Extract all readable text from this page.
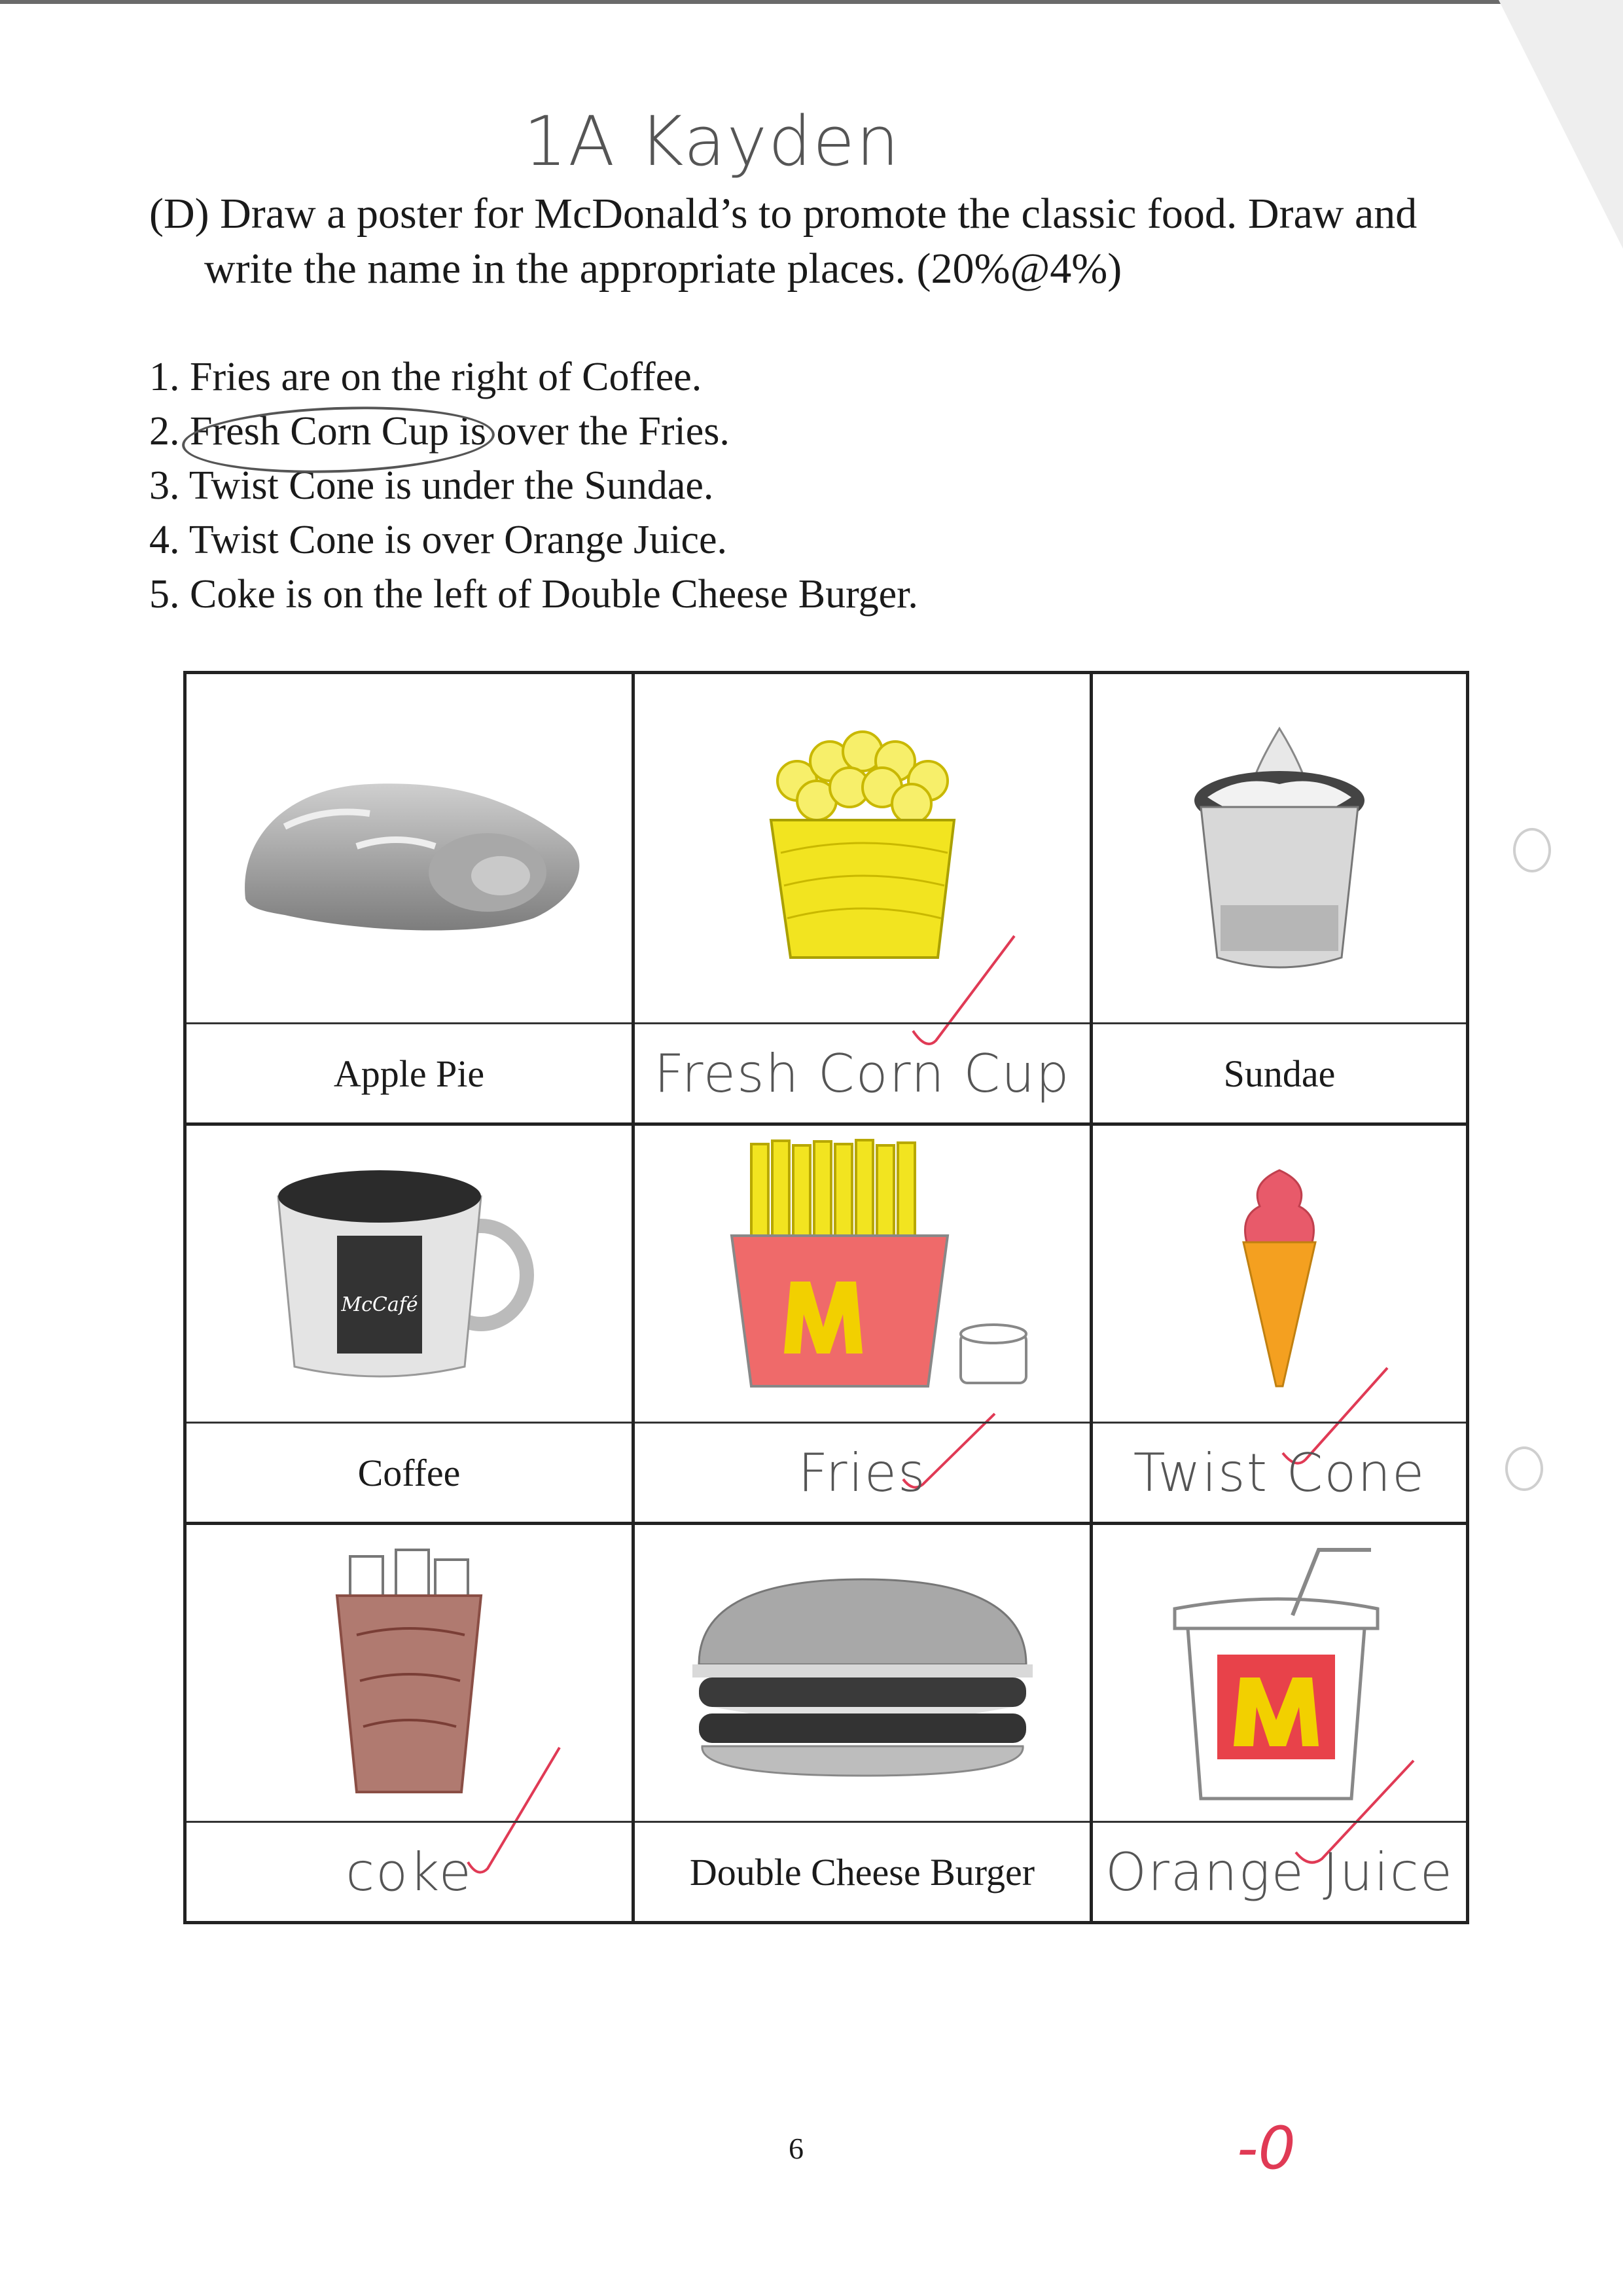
1A Kayden
(D) Draw a poster for McDonald’s to promote the classic food. Draw and
write the name in the appropriate places. (20%@4%)
1. Fries are on the right of Coffee.
2. Fresh Corn Cup is over the Fries.
3. Twist Cone is under the Sundae.
4. Twist Cone is over Orange Juice.
5. Coke is on the left of Double Cheese Burger.
Apple Pie	Fresh Corn Cup	Sundae
McCafé
Coffee	Fries	Twist Cone
coke	Double Cheese Burger	Orange Juice
6	-0
